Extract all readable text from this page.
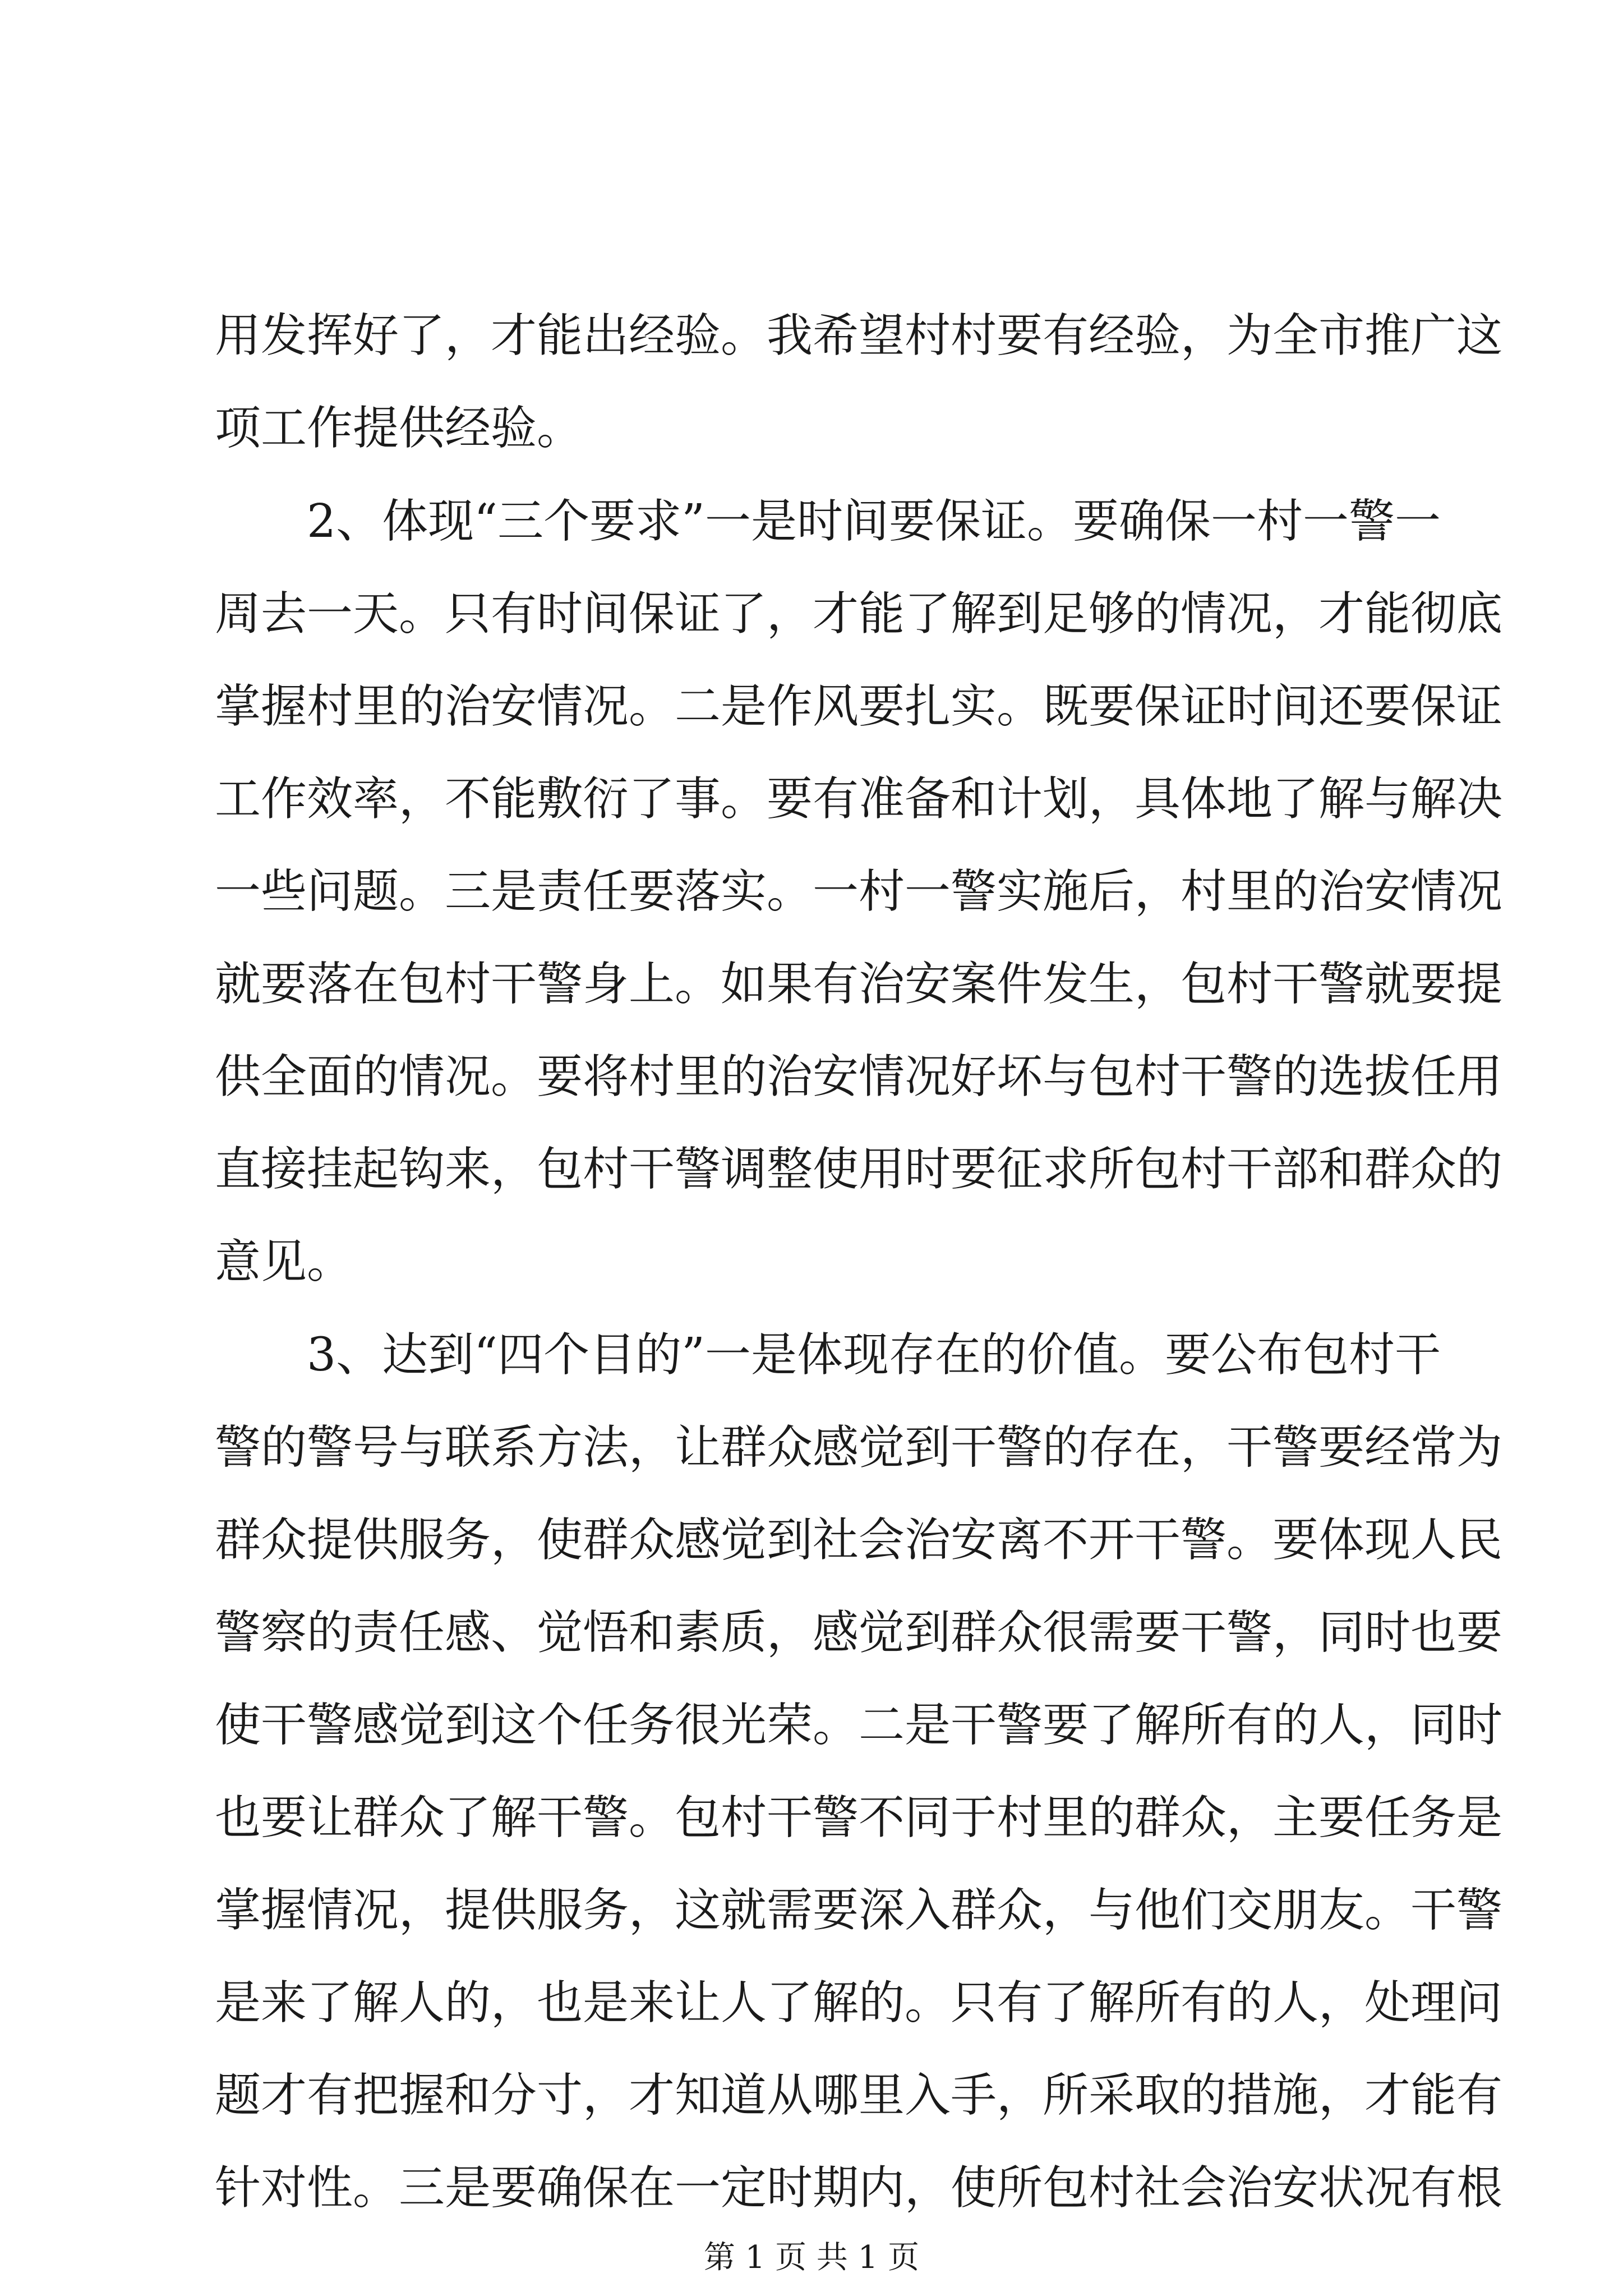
用发挥好了，才能出经验。我希望村村要有经验，为全市推广这
项工作提供经验。
　　2、体现“三个要求”一是时间要保证。要确保一村一警一
周去一天。只有时间保证了，才能了解到足够的情况，才能彻底
掌握村里的治安情况。二是作风要扎实。既要保证时间还要保证
工作效率，不能敷衍了事。要有准备和计划，具体地了解与解决
一些问题。三是责任要落实。一村一警实施后，村里的治安情况
就要落在包村干警身上。如果有治安案件发生，包村干警就要提
供全面的情况。要将村里的治安情况好坏与包村干警的选拔任用
直接挂起钩来，包村干警调整使用时要征求所包村干部和群众的
意见。
　　3、达到“四个目的”一是体现存在的价值。要公布包村干
警的警号与联系方法，让群众感觉到干警的存在，干警要经常为
群众提供服务，使群众感觉到社会治安离不开干警。要体现人民
警察的责任感、觉悟和素质，感觉到群众很需要干警，同时也要
使干警感觉到这个任务很光荣。二是干警要了解所有的人，同时
也要让群众了解干警。包村干警不同于村里的群众，主要任务是
掌握情况，提供服务，这就需要深入群众，与他们交朋友。干警
是来了解人的，也是来让人了解的。只有了解所有的人，处理问
题才有把握和分寸，才知道从哪里入手，所采取的措施，才能有
针对性。三是要确保在一定时期内，使所包村社会治安状况有根
第 1 页 共 1 页
